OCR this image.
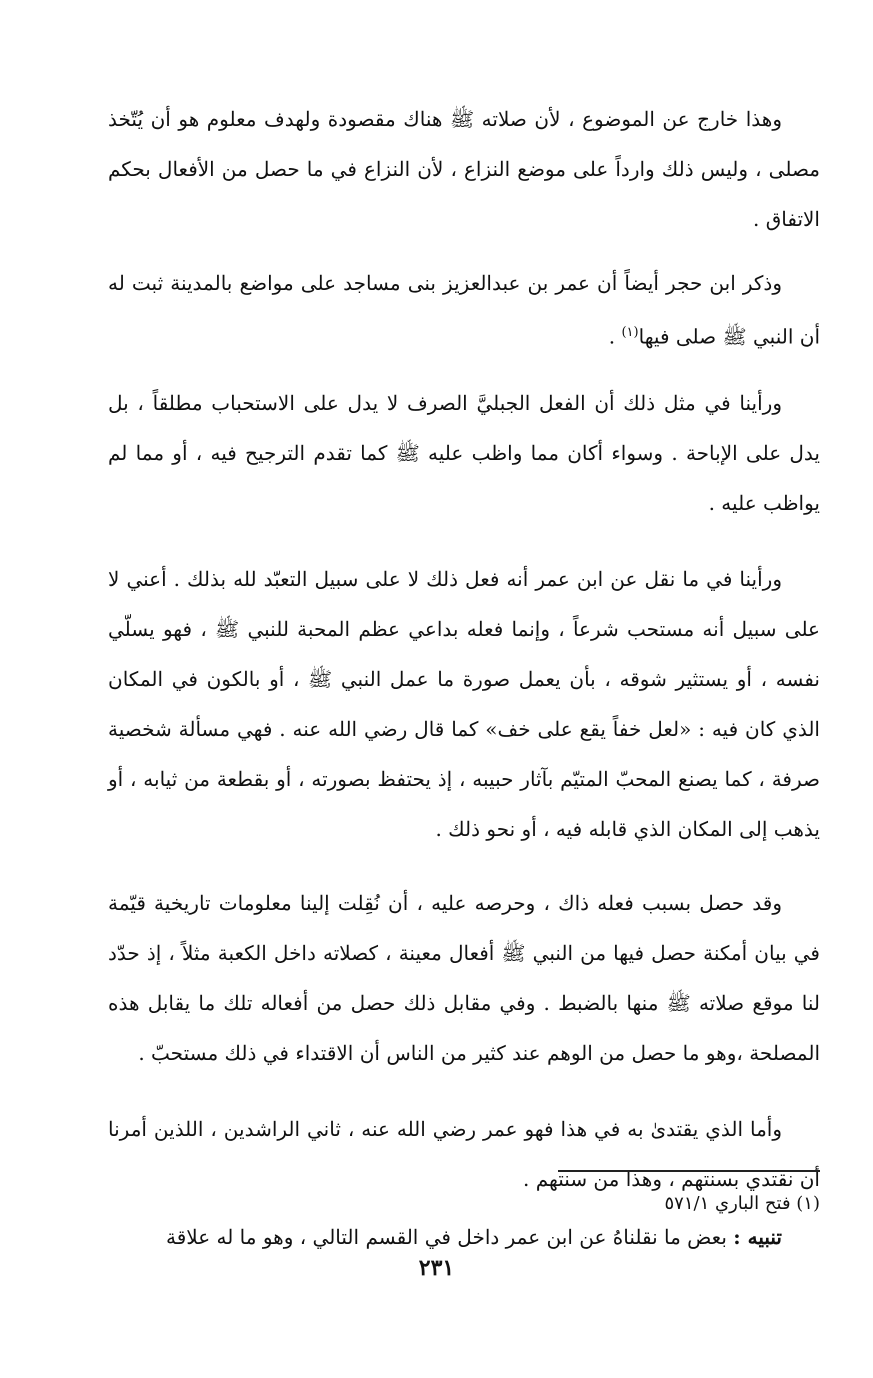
وهذا خارج عن الموضوع ، لأن صلاته ﷺ هناك مقصودة ولهدف معلوم هو أن يُتّخذ مصلى ، وليس ذلك وارداً على موضع النزاع ، لأن النزاع في ما حصل من الأفعال بحكم الاتفاق .

وذكر ابن حجر أيضاً أن عمر بن عبدالعزيز بنى مساجد على مواضع بالمدينة ثبت له أن النبي ﷺ صلى فيها$^{(١)}$ .

ورأينا في مثل ذلك أن الفعل الجبليَّ الصرف لا يدل على الاستحباب مطلقاً ، بل يدل على الإباحة . وسواء أكان مما واظب عليه ﷺ كما تقدم الترجيح فيه ، أو مما لم يواظب عليه .

ورأينا في ما نقل عن ابن عمر أنه فعل ذلك لا على سبيل التعبّد لله بذلك . أعني لا على سبيل أنه مستحب شرعاً ، وإنما فعله بداعي عظم المحبة للنبي ﷺ ، فهو يسلّي نفسه ، أو يستثير شوقه ، بأن يعمل صورة ما عمل النبي ﷺ ، أو بالكون في المكان الذي كان فيه : «لعل خفاً يقع على خف» كما قال رضي الله عنه . فهي مسألة شخصية صرفة ، كما يصنع المحبّ المتيّم بآثار حبيبه ، إذ يحتفظ بصورته ، أو بقطعة من ثيابه ، أو يذهب إلى المكان الذي قابله فيه ، أو نحو ذلك .

وقد حصل بسبب فعله ذاك ، وحرصه عليه ، أن نُقِلت إلينا معلومات تاريخية قيّمة في بيان أمكنة حصل فيها من النبي ﷺ أفعال معينة ، كصلاته داخل الكعبة مثلاً ، إذ حدّد لنا موقع صلاته ﷺ منها بالضبط . وفي مقابل ذلك حصل من أفعاله تلك ما يقابل هذه المصلحة ،وهو ما حصل من الوهم عند كثير من الناس أن الاقتداء في ذلك مستحبّ .

وأما الذي يقتدىٰ به في هذا فهو عمر رضي الله عنه ، ثاني الراشدين ، اللذين أمرنا أن نقتدي بسنتهم ، وهذا من سنتهم .

تنبيه : بعض ما نقلناهُ عن ابن عمر داخل في القسم التالي ، وهو ما له علاقة

(١) فتح الباري ٥٧١/١

٢٣١
